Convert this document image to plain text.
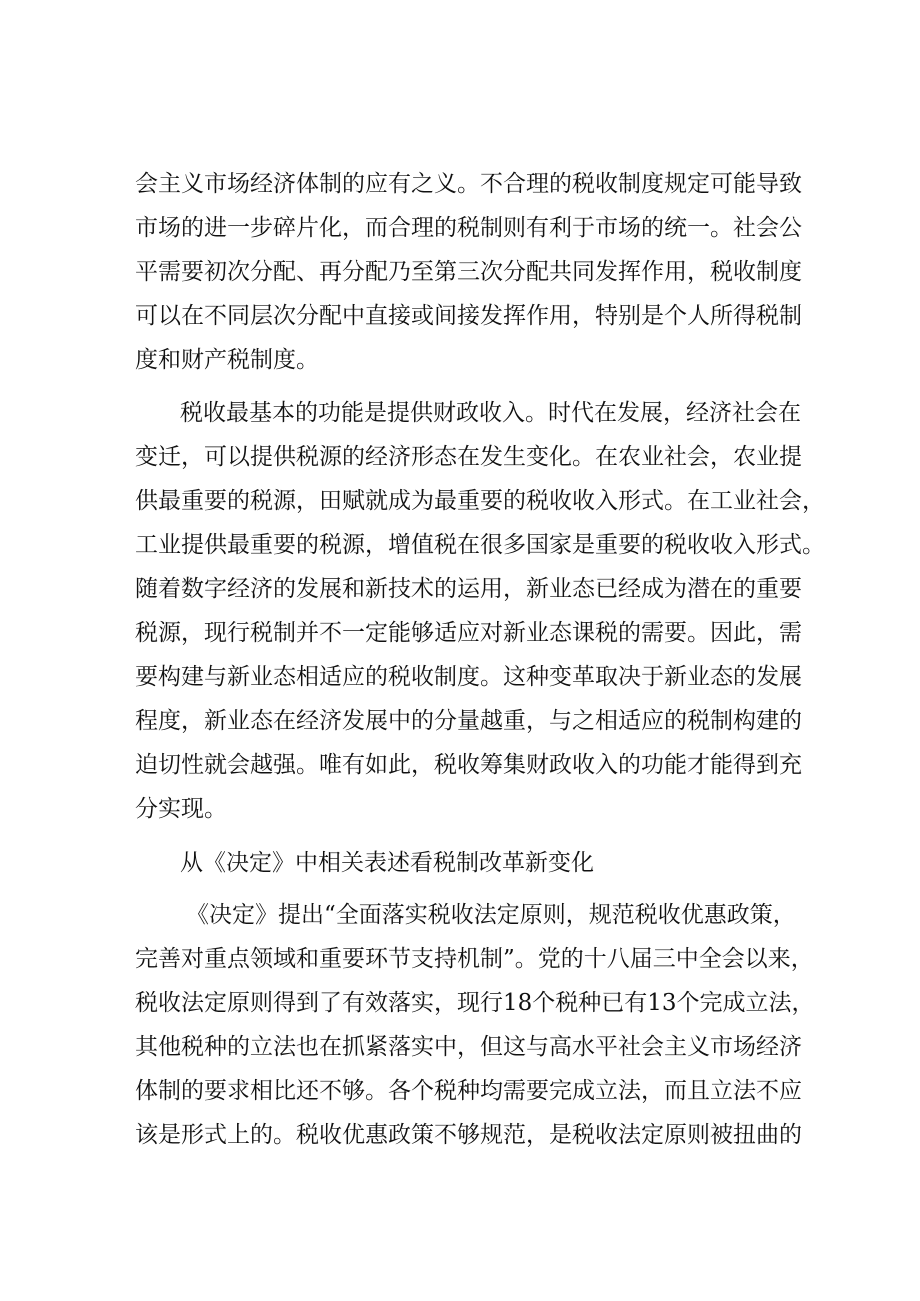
会主义市场经济体制的应有之义。不合理的税收制度规定可能导致
市场的进一步碎片化，而合理的税制则有利于市场的统一。社会公
平需要初次分配、再分配乃至第三次分配共同发挥作用，税收制度
可以在不同层次分配中直接或间接发挥作用，特别是个人所得税制
度和财产税制度。
税收最基本的功能是提供财政收入。时代在发展，经济社会在
变迁，可以提供税源的经济形态在发生变化。在农业社会，农业提
供最重要的税源，田赋就成为最重要的税收收入形式。在工业社会，
工业提供最重要的税源，增值税在很多国家是重要的税收收入形式。
随着数字经济的发展和新技术的运用，新业态已经成为潜在的重要
税源，现行税制并不一定能够适应对新业态课税的需要。因此，需
要构建与新业态相适应的税收制度。这种变革取决于新业态的发展
程度，新业态在经济发展中的分量越重，与之相适应的税制构建的
迫切性就会越强。唯有如此，税收筹集财政收入的功能才能得到充
分实现。
从《决定》中相关表述看税制改革新变化
《决定》提出“全面落实税收法定原则，规范税收优惠政策，
完善对重点领域和重要环节支持机制”。党的十八届三中全会以来，
税收法定原则得到了有效落实，现行18个税种已有13个完成立法，
其他税种的立法也在抓紧落实中，但这与高水平社会主义市场经济
体制的要求相比还不够。各个税种均需要完成立法，而且立法不应
该是形式上的。税收优惠政策不够规范，是税收法定原则被扭曲的
